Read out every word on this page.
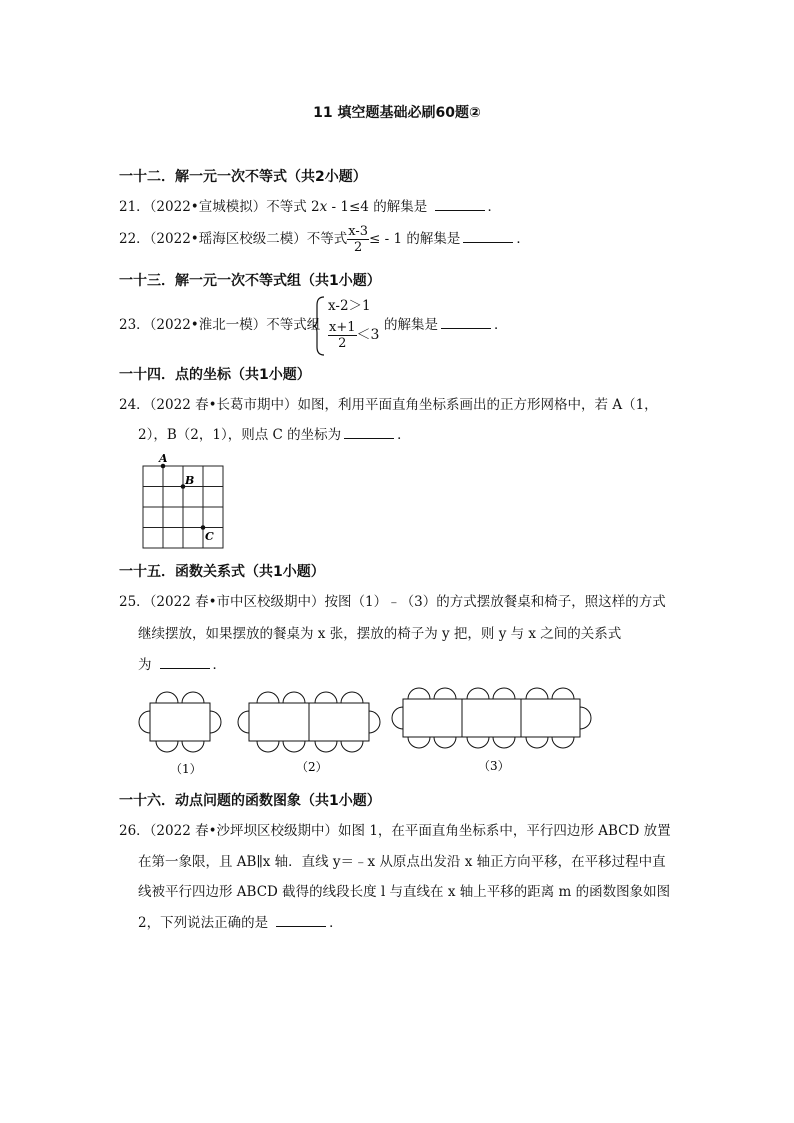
11 填空题基础必刷60题②
一十二．解一元一次不等式（共2小题）
21．（2022•宣城模拟）不等式 2x - 1≤4 的解集是	．
22．（2022•瑶海区校级二模）不等式 $\frac{x-3}{2}$ ≤ - 1 的解集是	．
一十三．解一元一次不等式组（共1小题）
23．（2022•淮北一模）不等式组
x-2＞1
$\frac{x+1}{2} <3$
的解集是	．
一十四．点的坐标（共1小题）
24．（2022 春•长葛市期中）如图，利用平面直角坐标系画出的正方形网格中，若 A（1，
2），B（2，1），则点 C 的坐标为	．
A
B
C
一十五．函数关系式（共1小题）
25．（2022 春•市中区校级期中）按图（1）﹣（3）的方式摆放餐桌和椅子，照这样的方式
继续摆放，如果摆放的餐桌为 x 张，摆放的椅子为 y 把，则 y 与 x 之间的关系式
为	．
（1）	（2）	（3）
一十六．动点问题的函数图象（共1小题）
26．（2022 春•沙坪坝区校级期中）如图 1，在平面直角坐标系中，平行四边形 ABCD 放置
在第一象限，且 AB∥x 轴．直线 y＝﹣x 从原点出发沿 x 轴正方向平移，在平移过程中直
线被平行四边形 ABCD 截得的线段长度 l 与直线在 x 轴上平移的距离 m 的函数图象如图
2，下列说法正确的是	．
